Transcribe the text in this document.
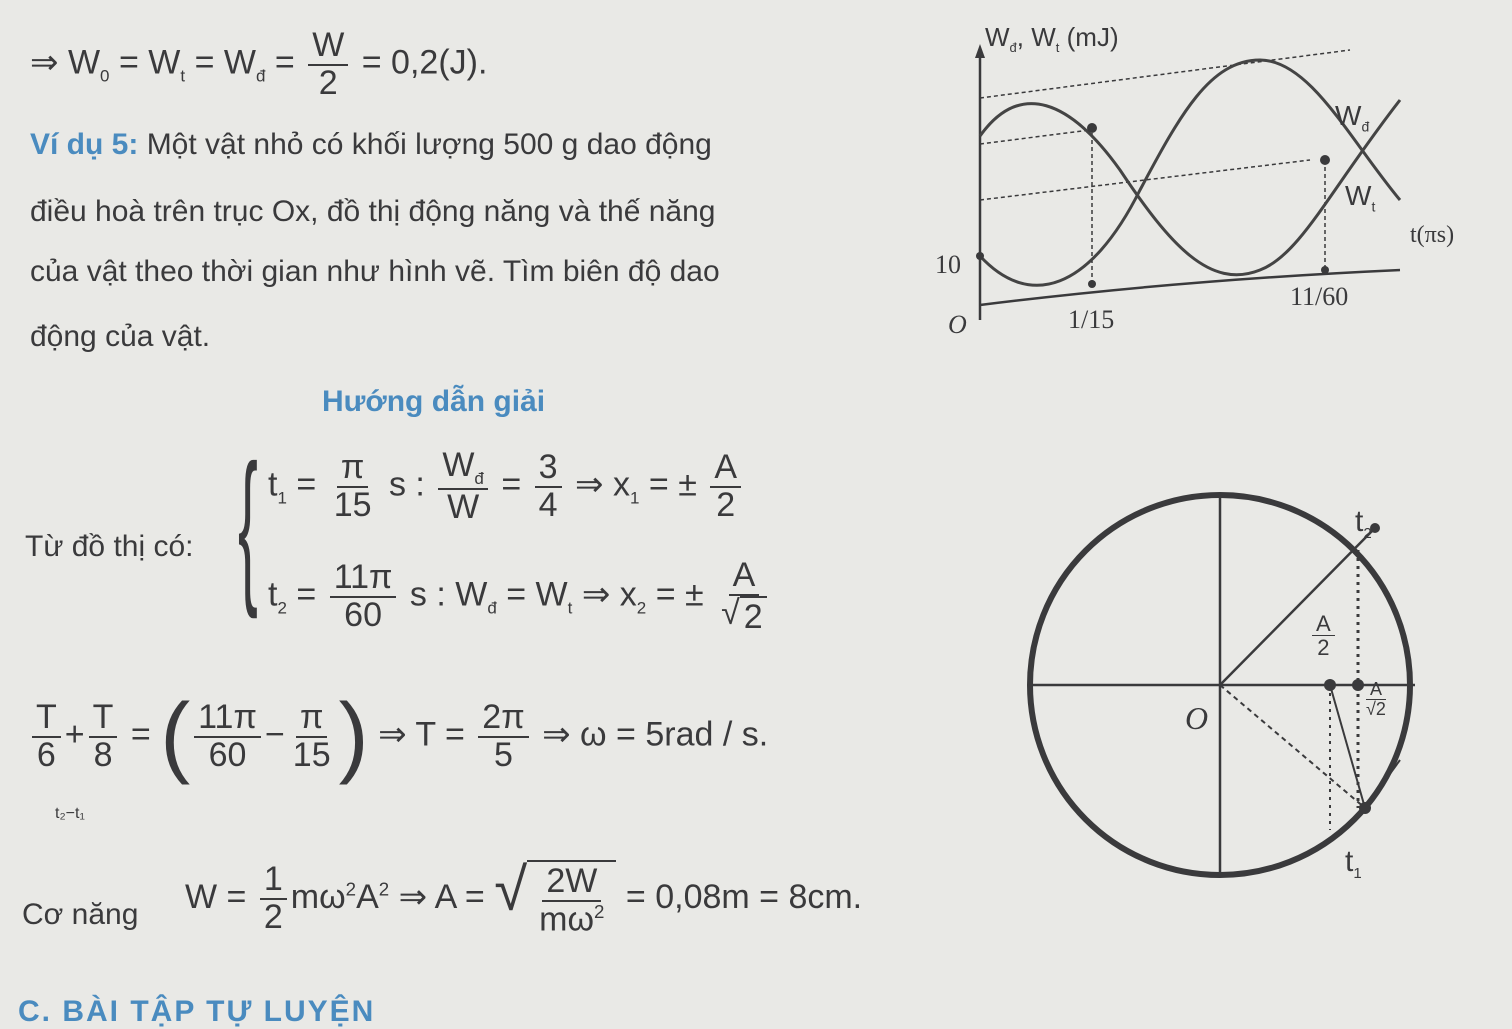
⇒ $W_0 = W_t = W_đ = \frac{W}{2} = 0,2(J)$.
Ví dụ 5: Một vật nhỏ có khối lượng 500 g dao động
điều hoà trên trục Ox, đồ thị động năng và thế năng
của vật theo thời gian như hình vẽ. Tìm biên độ dao
động của vật.
$W_đ$, $W_t$ (mJ)
$W_đ$
$W_t$
t(πs)
10
O	1/15
11/60
Hướng dẫn giải
Từ đồ thị có: { $t_1 = \frac{\pi}{15}$ s : $\frac{W_đ}{W} = \frac{3}{4}$ ⇒ $x_1$ = ± $\frac{A}{2}$
$t_2 = \frac{11\pi}{60}$ s : $W_đ = W_t$ ⇒ $x_2$ = ± $\frac{A}{√ 2}$
$\frac{T}{6} + \frac{T}{8}$ = ( $\frac{11\pi}{60} - \frac{\pi}{15}$ ) ⇒ $T = \frac{2\pi}{5}$ ⇒ ω = 5rad / s.
t₂−t₁
Cơ năng $W = \frac{1}{2} m\omega^2A^2$ ⇒ A = √ $\frac{2W}{m\omega^2} = 0,08m = 8cm$.
$t_2$
$t_1$
O
$\frac{A}{2}$
$\frac{A}{√2}$
C. BÀI TẬP TỰ LUYỆN
